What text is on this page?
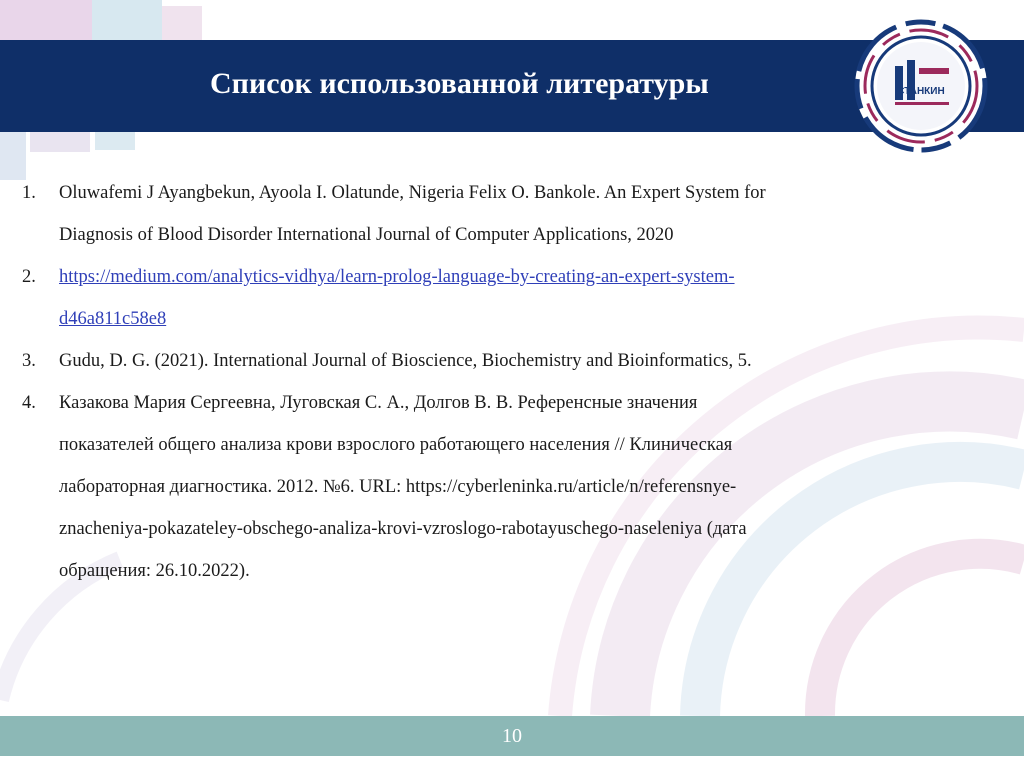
Список использованной литературы	СТАНКИН
1. Oluwafemi J Ayangbekun, Ayoola I. Olatunde, Nigeria Felix O. Bankole. An Expert System for
Diagnosis of Blood Disorder International Journal of Computer Applications, 2020
2. https://medium.com/analytics-vidhya/learn-prolog-language-by-creating-an-expert-system-
d46a811c58e8
3. Gudu, D. G. (2021). International Journal of Bioscience, Biochemistry and Bioinformatics, 5.
4. Казакова Мария Сергеевна, Луговская С. А., Долгов В. В. Референсные значения
показателей общего анализа крови взрослого работающего населения // Клиническая
лабораторная диагностика. 2012. №6. URL: https://cyberleninka.ru/article/n/referensnye-
znacheniya-pokazateley-obschego-analiza-krovi-vzroslogo-rabotayuschego-naseleniya (дата
обращения: 26.10.2022).
10
